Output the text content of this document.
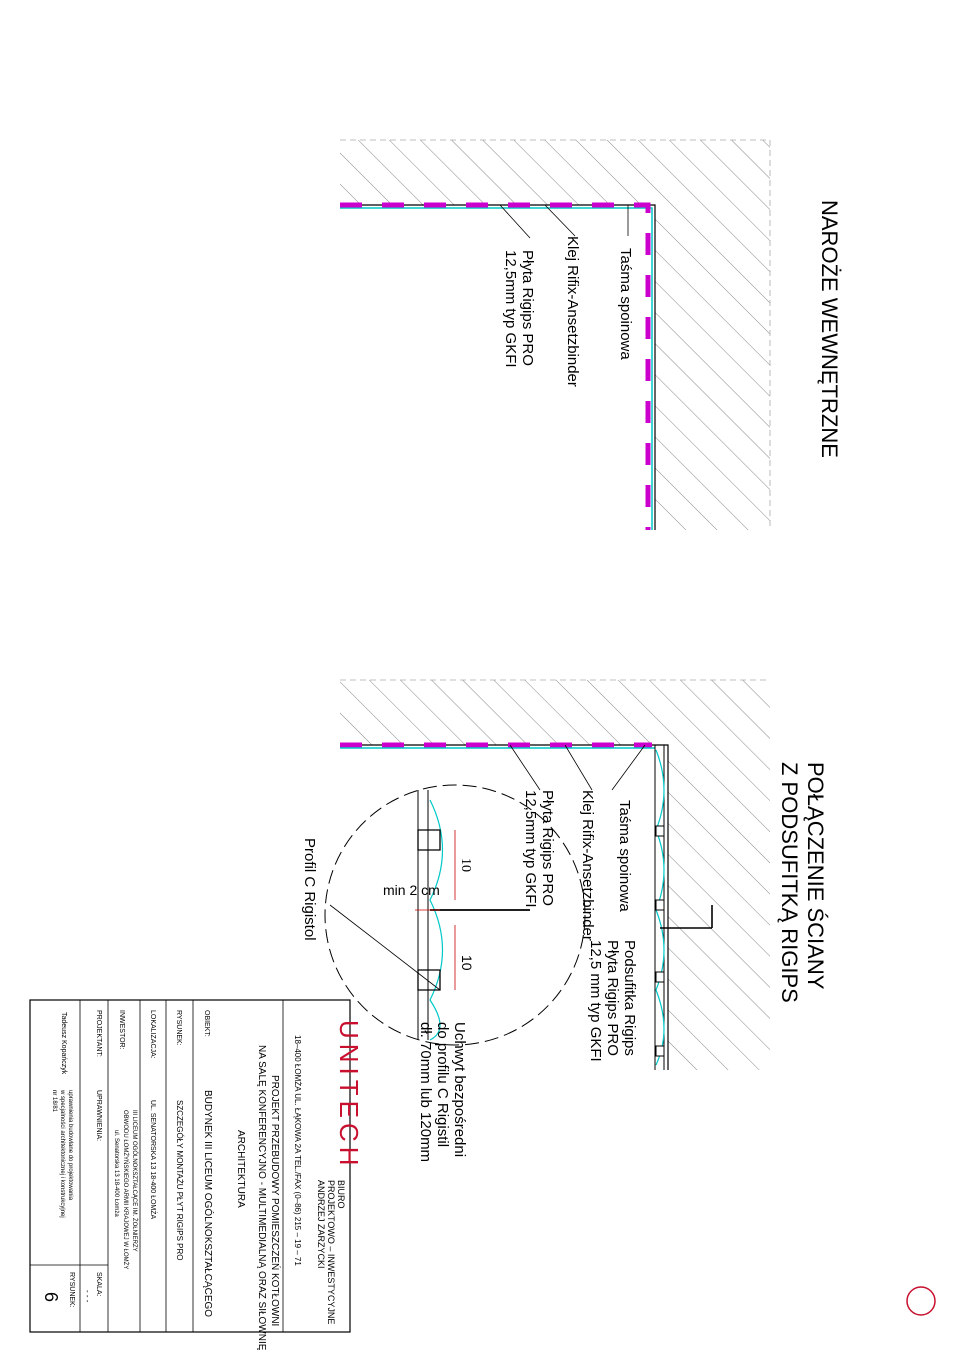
NAROŻE WEWNĘTRZNE
Taśma spoinowa
Klej Rifix-Ansetzbinder
Płyta Rigips PRO
12,5mm typ GKFI
POŁĄCZENIE ŚCIANY
Z PODSUFITKĄ RIGIPS
Taśma spoinowa
Klej Rifix-Ansetzbinder
Płyta Rigips PRO
12,5mm typ GKFI
Podsufitka Rigips
Płyta Rigips PRO
12,5 mm typ GKFI
Uchwyt bezpośredni
do profilu C Rigistil
dł. 70mm lub 120mm
Profil C Rigistol	10
10
min 2 cm
UNITECH
BIURO
PROJEKTOWO – INWESTYCYJNE
ANDRZEJ ZARZYCKI
18–400 ŁOMŻA UL. ŁĄKOWA 2A TEL./FAX (0–86) 215 – 19 – 71
PROJEKT PRZEBUDOWY POMIESZCZEŃ KOTŁOWNI
NA SALĘ KONFERENCYJNO - MULTIMEDIALNĄ ORAZ SIŁOWNIĘ
ARCHITEKTURA
OBIEKT:
BUDYNEK III LICEUM OGÓLNOKSZTAŁCĄCEGO
RYSUNEK:
SZCZEGÓŁY MONTAŻU PŁYT RIGIPS PRO
LOKALIZACJA:
UL. SENATORSKA 13 18-400 ŁOMŻA
INWESTOR:
III LICEUM OGÓLNOKSZTAŁCĄCE IM. ŻOŁNIERZY
OBWODU ŁOMŻYŃSKIEGO ARMII KRAJOWEJ W ŁOMŻY
ul. Senatorska 13 18-400 Łomża
PROJEKTANT:
UPRAWNIENIA:
SKALA:
- - -
Tadeusz Kopańczyk
uprawnienia budowlane do projektowania
w specjalności architektonicznej i konstrukcyjnej
nr 18/81
RYSUNEK:
6
